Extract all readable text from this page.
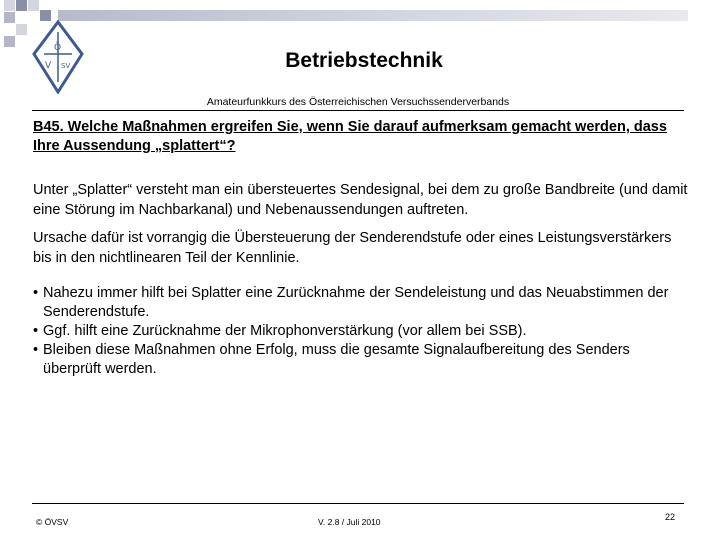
Ö
V SV	Betriebstechnik
Amateurfunkkurs des Österreichischen Versuchssenderverbands
B45. Welche Maßnahmen ergreifen Sie, wenn Sie darauf aufmerksam gemacht werden, dass Ihre Aussendung „splattert“?
Unter „Splatter“ versteht man ein übersteuertes Sendesignal, bei dem zu große Bandbreite (und damit eine Störung im Nachbarkanal) und Nebenaussendungen auftreten.
Ursache dafür ist vorrangig die Übersteuerung der Senderendstufe oder eines Leistungsverstärkers bis in den nichtlinearen Teil der Kennlinie.
• Nahezu immer hilft bei Splatter eine Zurücknahme der Sendeleistung und das Neuabstimmen der Senderendstufe.
• Ggf. hilft eine Zurücknahme der Mikrophonverstärkung (vor allem bei SSB).
• Bleiben diese Maßnahmen ohne Erfolg, muss die gesamte Signalaufbereitung des Senders überprüft werden.
© ÖVSV	V. 2.8 / Juli 2010	22
